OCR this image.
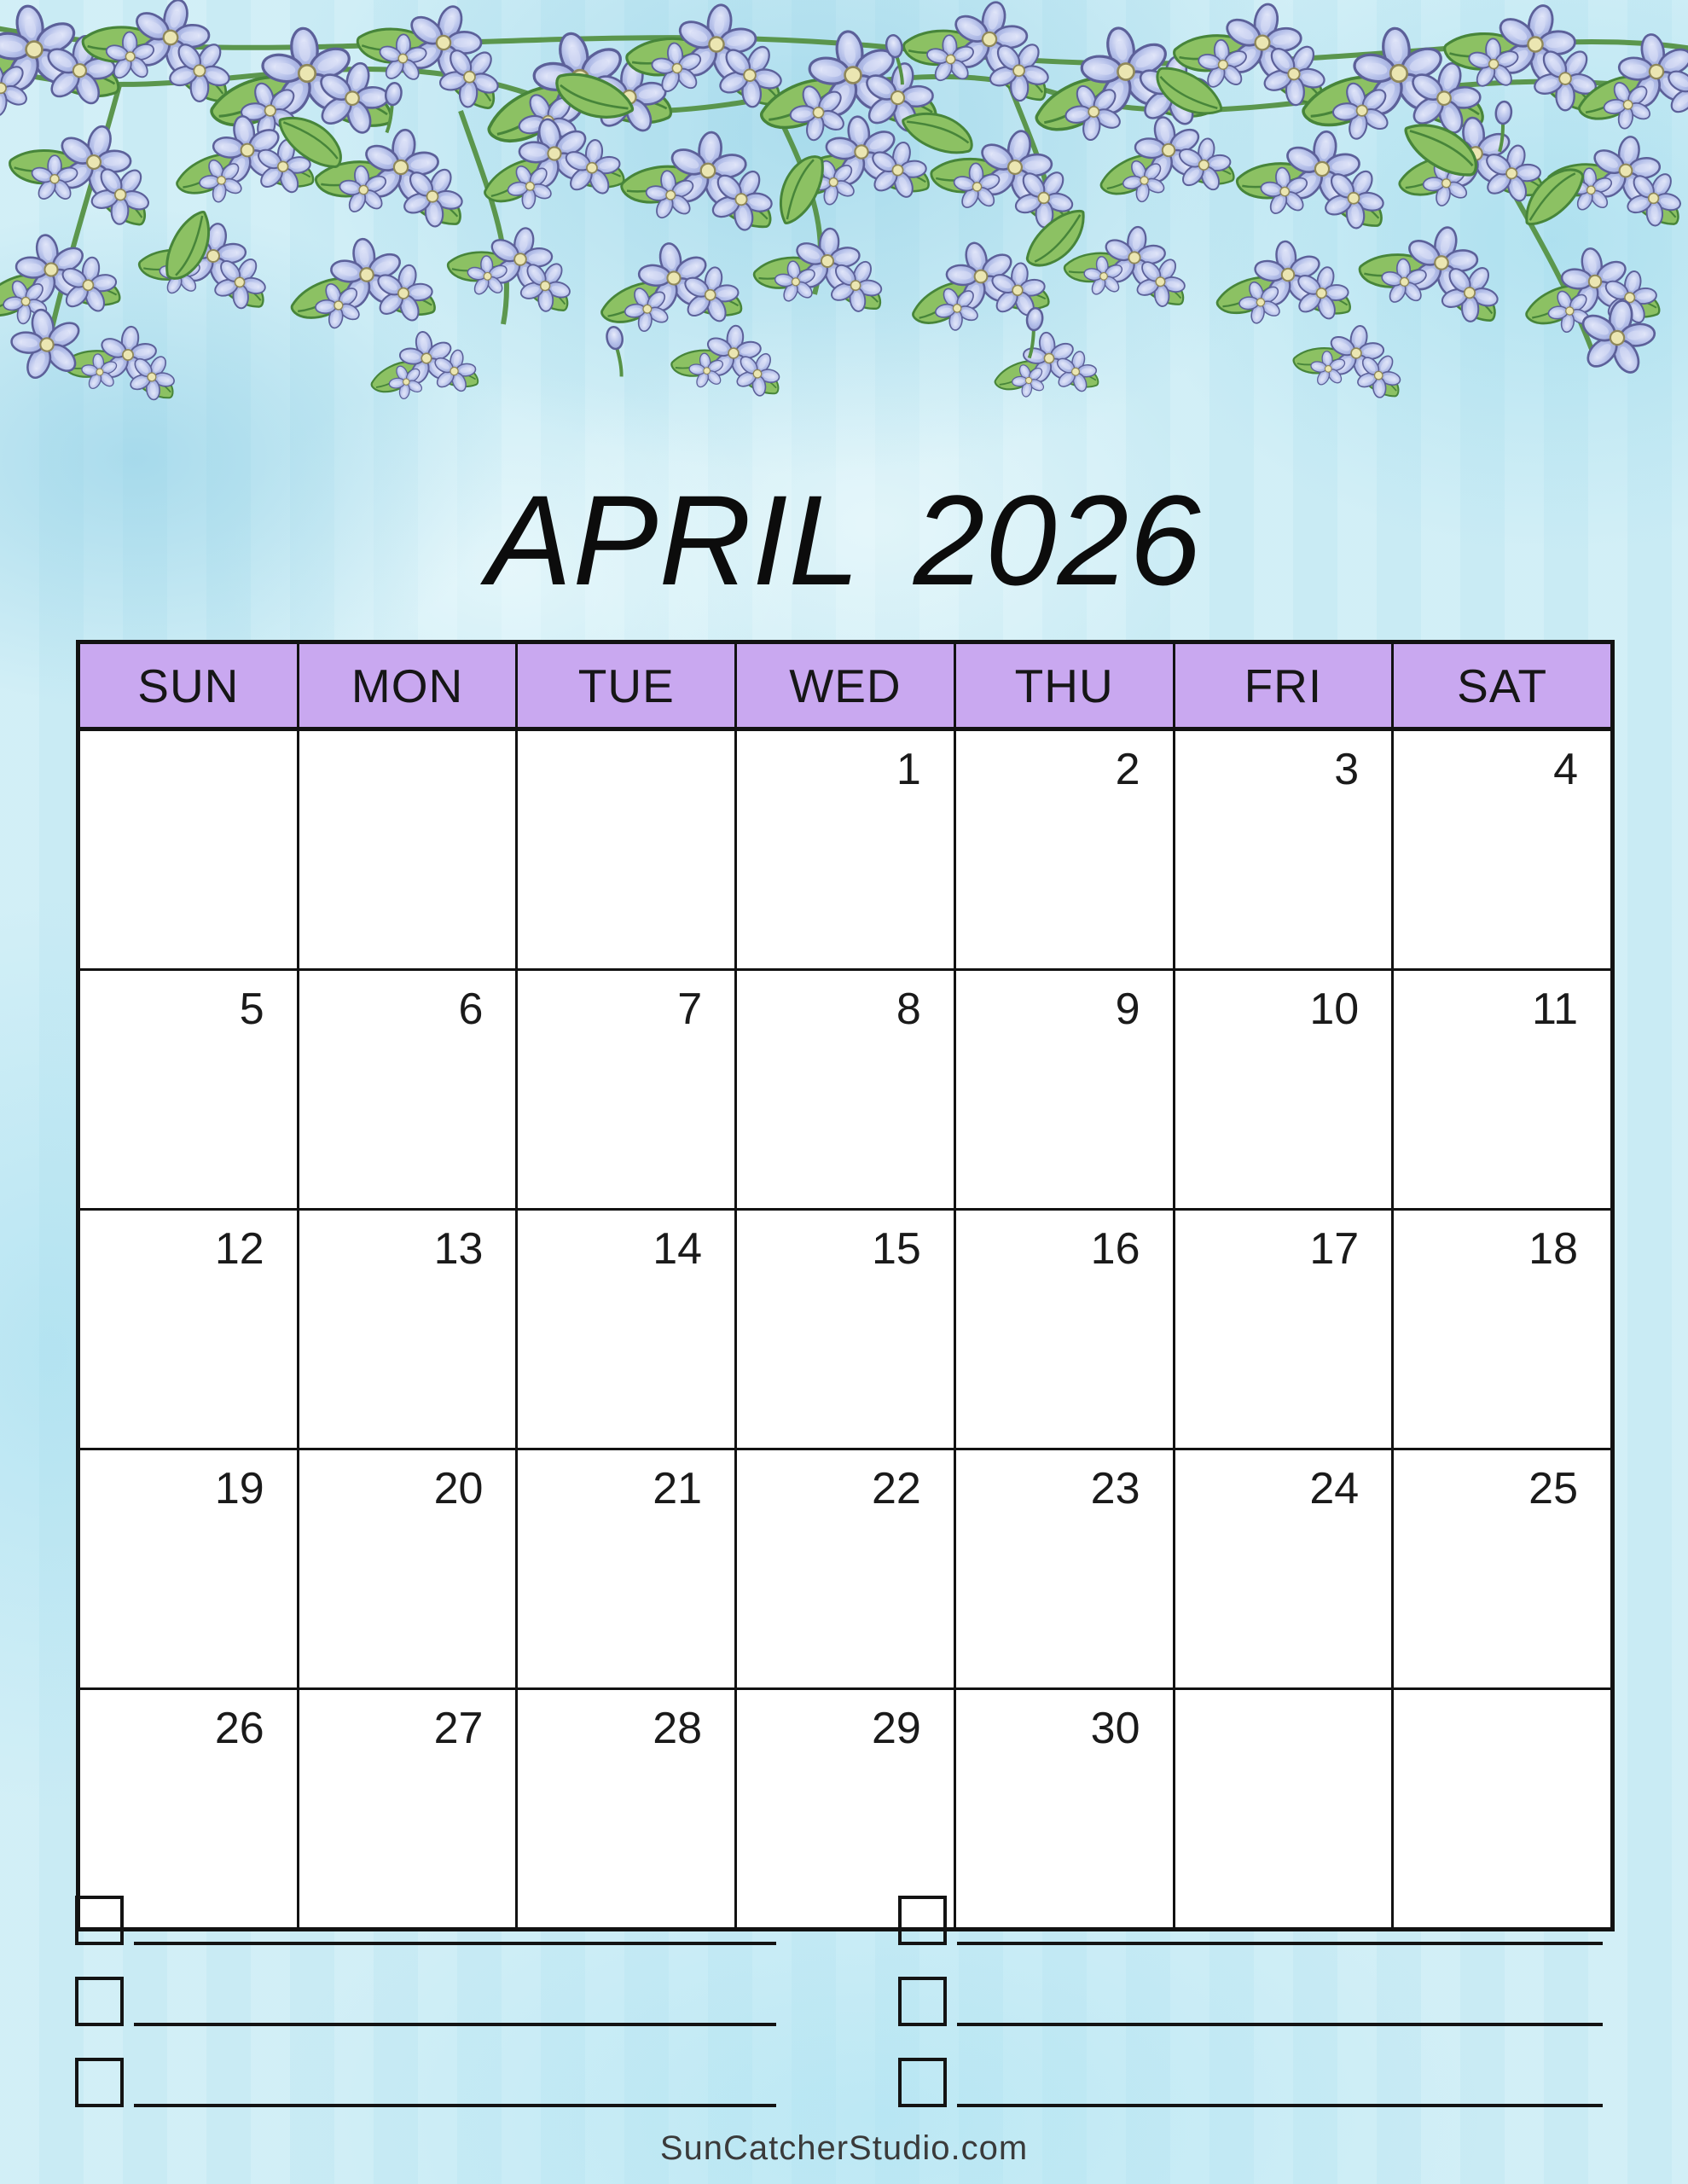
APRIL 2026
SUN	MON	TUE	WED	THU	FRI	SAT
			1	2	3	4
5	6	7	8	9	10	11
12	13	14	15	16	17	18
19	20	21	22	23	24	25
26	27	28	29	30		
SunCatcherStudio.com
